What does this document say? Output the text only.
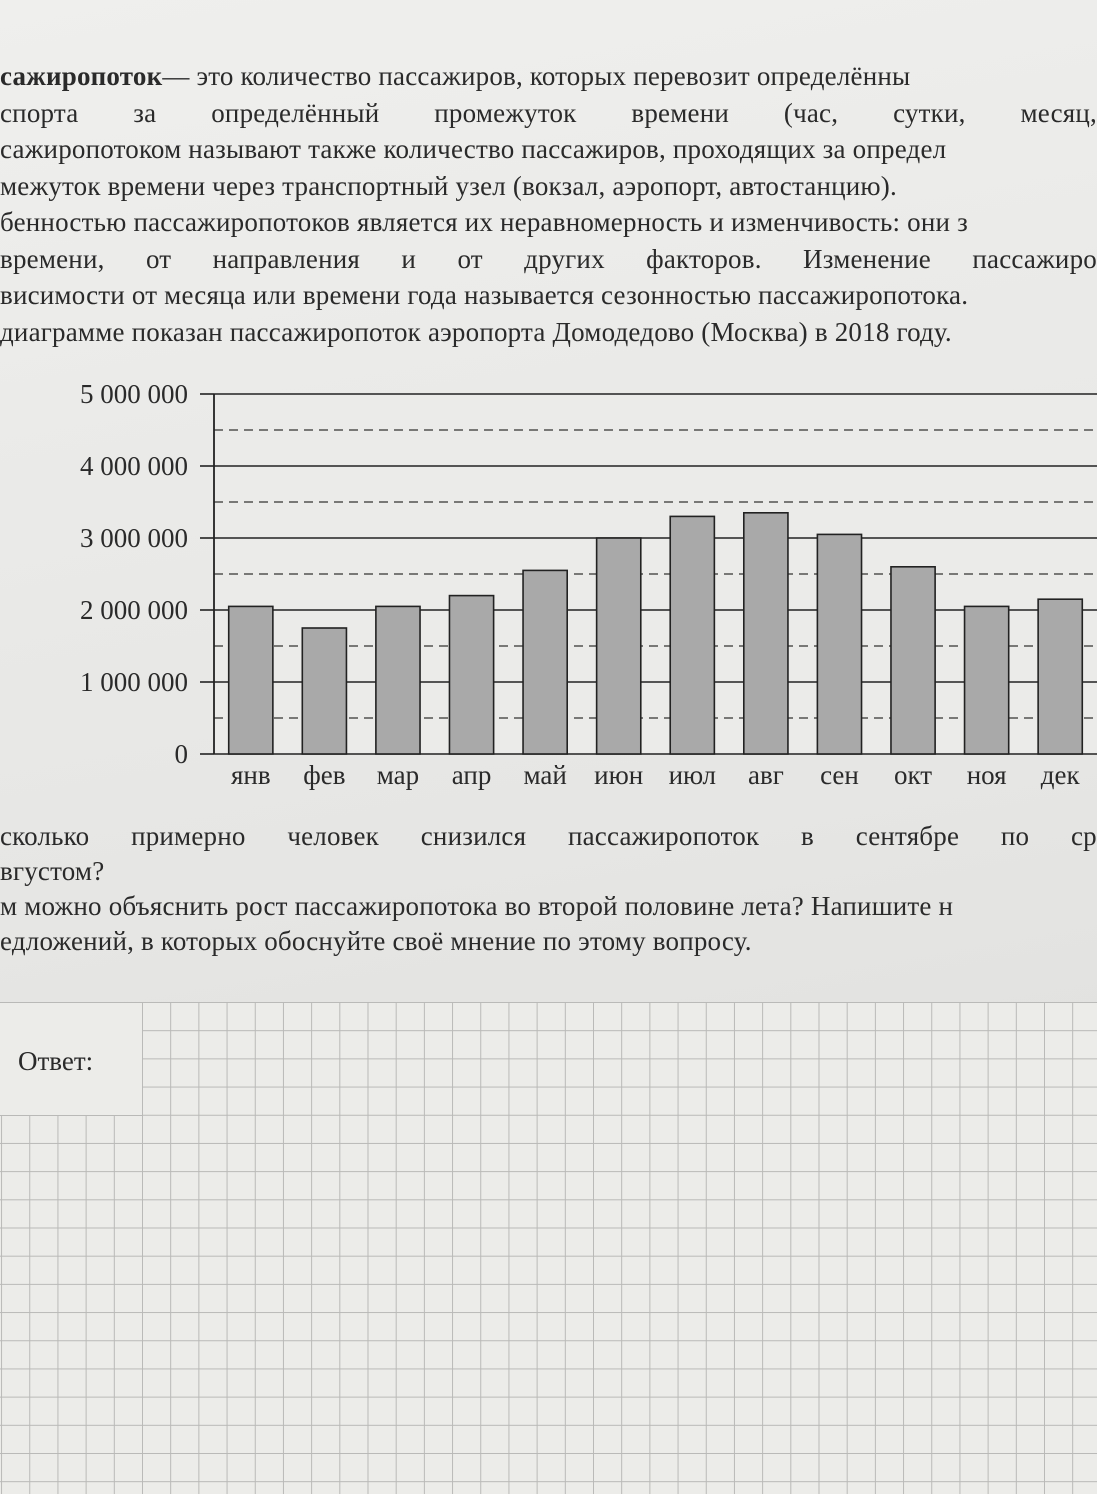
сажиропоток — это количество пассажиров, которых перевозит определённы
спорта за определённый промежуток времени (час, сутки, месяц,
сажиропотоком называют также количество пассажиров, проходящих за определ
межуток времени через транспортный узел (вокзал, аэропорт, автостанцию).
бенностью пассажиропотоков является их неравномерность и изменчивость: они з
времени, от направления и от других факторов. Изменение пассажиро
висимости от месяца или времени года называется сезонностью пассажиропотока.
диаграмме показан пассажиропоток аэропорта Домодедово (Москва) в 2018 году.
0
1 000 000
2 000 000
3 000 000
4 000 000
5 000 000
янв фев мар апр май июн июл авг сен окт ноя дек
сколько примерно человек снизился пассажиропоток в сентябре по ср
вгустом?
м можно объяснить рост пассажиропотока во второй половине лета? Напишите н
едложений, в которых обоснуйте своё мнение по этому вопросу.
Ответ:
